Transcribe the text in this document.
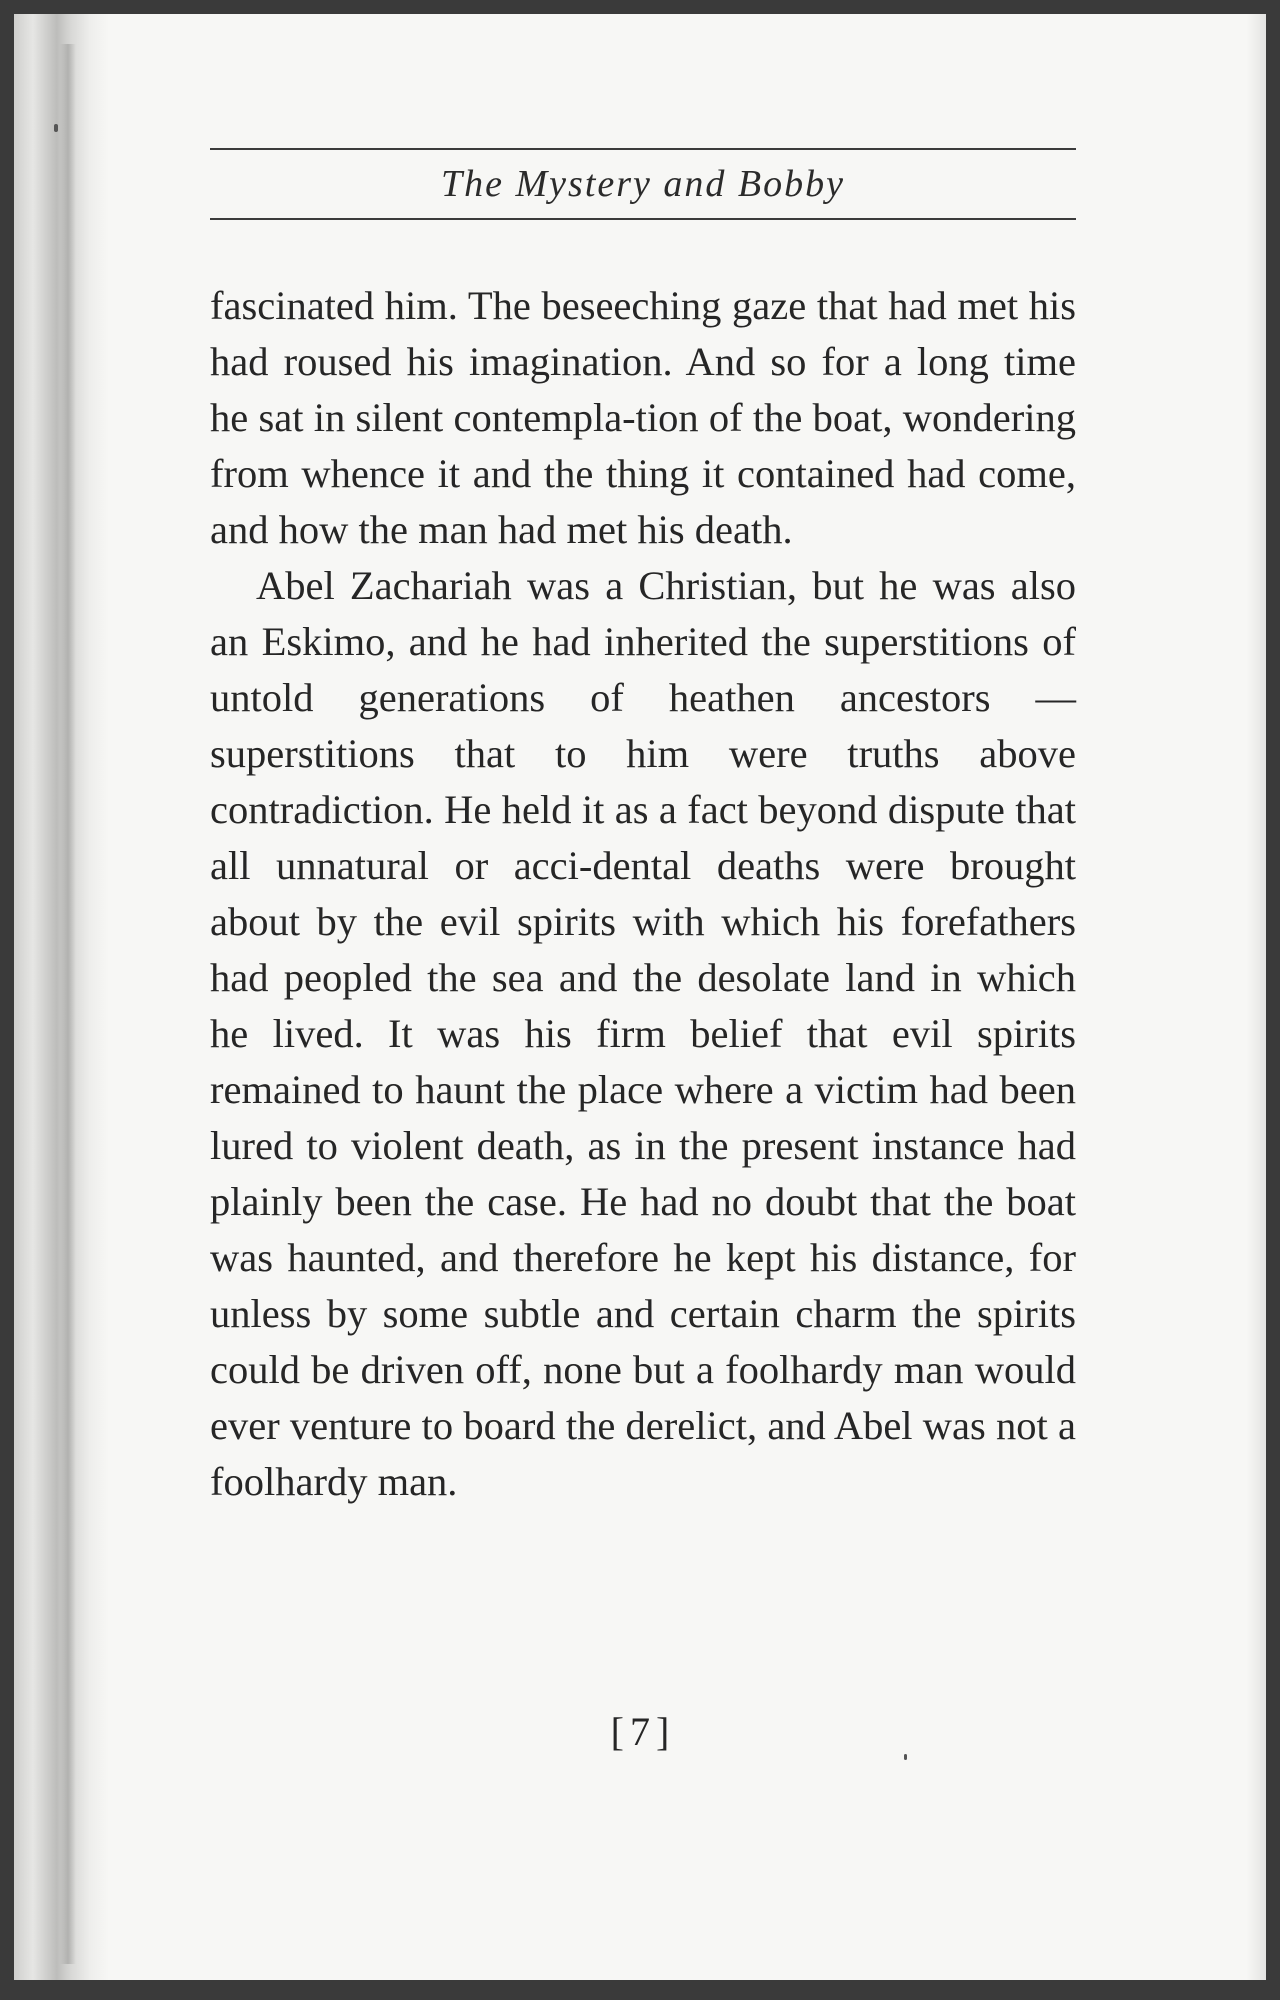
The Mystery and Bobby

fascinated him. The beseeching gaze that had met his had roused his imagination. And so for a long time he sat in silent contempla-tion of the boat, wondering from whence it and the thing it contained had come, and how the man had met his death.

Abel Zachariah was a Christian, but he was also an Eskimo, and he had inherited the superstitions of untold generations of heathen ancestors — superstitions that to him were truths above contradiction. He held it as a fact beyond dispute that all unnatural or acci-dental deaths were brought about by the evil spirits with which his forefathers had peopled the sea and the desolate land in which he lived. It was his firm belief that evil spirits remained to haunt the place where a victim had been lured to violent death, as in the present instance had plainly been the case. He had no doubt that the boat was haunted, and therefore he kept his distance, for unless by some subtle and certain charm the spirits could be driven off, none but a foolhardy man would ever venture to board the derelict, and Abel was not a foolhardy man.

[7]
